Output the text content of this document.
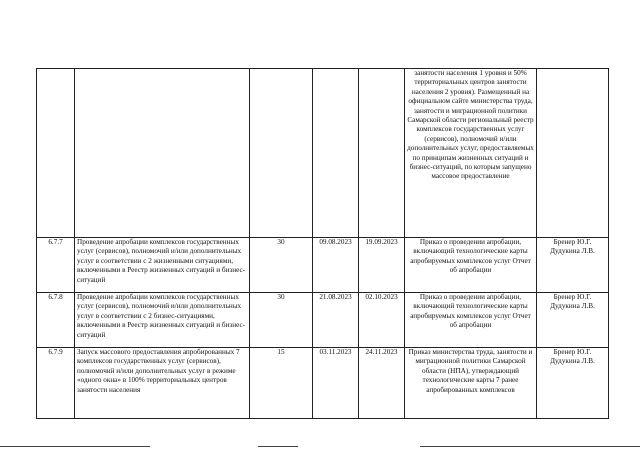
					занятости населения 1 уровня и 50% территориальных центров занятости населения 2 уровня). Размещенный на официальном сайте министерства труда, занятости и миграционной политики Самарской области региональный реестр комплексов государственных услуг (сервисов), полномочий и/или дополнительных услуг, предоставляемых по принципам жизненных ситуаций и бизнес-ситуаций, по которым запущено массовое предоставление	
6.7.7	Проведение апробации комплексов государственных услуг (сервисов), полномочий и/или дополнительных услуг в соответствии с 2 жизненными ситуациями, включенными в Реестр жизненных ситуаций и бизнес-ситуаций	30	09.08.2023	19.09.2023	Приказ о проведении апробации, включающий технологические карты апробируемых комплексов услуг Отчет об апробации	Бренер Ю.Г. Дудукина Л.В.
6.7.8	Проведение апробации комплексов государственных услуг (сервисов), полномочий и/или дополнительных услуг в соответствии с 2 бизнес-ситуациями, включенными в Реестр жизненных ситуаций и бизнес-ситуаций	30	21.08.2023	02.10.2023	Приказ о проведении апробации, включающий технологические карты апробируемых комплексов услуг Отчет об апробации	Бренер Ю.Г. Дудукина Л.В.
6.7.9	Запуск массового предоставления апробированных 7 комплексов государственных услуг (сервисов), полномочий и/или дополнительных услуг в режиме «одного окна» в 100% территориальных центров занятости населения	15	03.11.2023	24.11.2023	Приказ министерства труда, занятости и миграционной политики Самарской области (НПА), утверждающий технологические карты 7 ранее апробированных комплексов	Бренер Ю.Г. Дудукина Л.В.
